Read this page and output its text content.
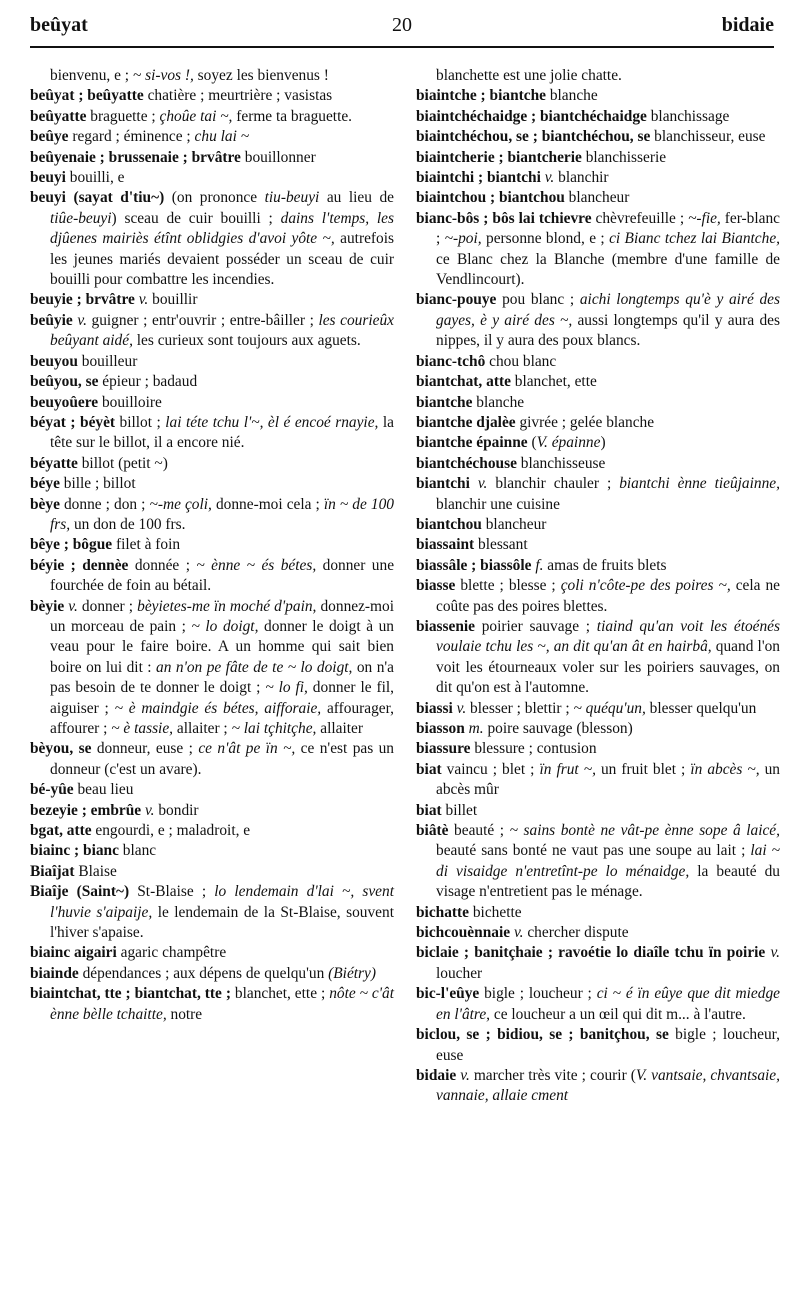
beûyat	20	bidaie

bienvenu, e ; ~ si-vos !, soyez les bienvenus !

beûyat ; beûyatte chatière ; meurtrière ; vasistas

beûyatte braguette ; çhoûe tai ~, ferme ta braguette.

beûye regard ; éminence ; chu lai ~

beûyenaie ; brussenaie ; brvâtre bouillonner

beuyi bouilli, e

beuyi (sayat d'tiu~) (on prononce tiu-beuyi au lieu de tiûe-beuyi) sceau de cuir bouilli ; dains l'temps, les djûenes mairiès étînt oblidgies d'avoi yôte ~, autrefois les jeunes mariés devaient posséder un sceau de cuir bouilli pour combattre les incendies.

beuyie ; brvâtre v. bouillir

beûyie v. guigner ; entr'ouvrir ; entre-bâiller ; les courieûx beûyant aidé, les curieux sont toujours aux aguets.

beuyou bouilleur

beûyou, se épieur ; badaud

beuyoûere bouilloire

béyat ; béyèt billot ; lai téte tchu l'~, èl é encoé rnayie, la tête sur le billot, il a encore nié.

béyatte billot (petit ~)

béye bille ; billot

bèye donne ; don ; ~-me çoli, donne-moi cela ; ïn ~ de 100 frs, un don de 100 frs.

bêye ; bôgue filet à foin

béyie ; dennèe donnée ; ~ ènne ~ és bétes, donner une fourchée de foin au bétail.

bèyie v. donner ; bèyietes-me ïn moché d'pain, donnez-moi un morceau de pain ; ~ lo doigt, donner le doigt à un veau pour le faire boire. A un homme qui sait bien boire on lui dit : an n'on pe fâte de te ~ lo doigt, on n'a pas besoin de te donner le doigt ; ~ lo fi, donner le fil, aiguiser ; ~ è maindgie és bétes, aifforaie, affourager, affourer ; ~ è tassie, allaiter ; ~ lai tçhitçhe, allaiter

bèyou, se donneur, euse ; ce n'ât pe ïn ~, ce n'est pas un donneur (c'est un avare).

bé-yûe beau lieu

bezeyie ; embrûe v. bondir

bgat, atte engourdi, e ; maladroit, e

biainc ; bianc blanc

Biaîjat Blaise

Biaîje (Saint~) St-Blaise ; lo lendemain d'lai ~, svent l'huvie s'aipaije, le lendemain de la St-Blaise, souvent l'hiver s'apaise.

biainc aigairi agaric champêtre

biainde dépendances ; aux dépens de quelqu'un (Biétry)

biaintchat, tte ; biantchat, tte ; blanchet, ette ; nôte ~ c'ât ènne bèlle tchaitte, notre

blanchette est une jolie chatte.

biaintche ; biantche blanche

biaintchéchaidge ; biantchéchaidge blanchissage

biaintchéchou, se ; biantchéchou, se blanchisseur, euse

biaintcherie ; biantcherie blanchisserie

biaintchi ; biantchi v. blanchir

biaintchou ; biantchou blancheur

bianc-bôs ; bôs lai tchievre chèvrefeuille ; ~-fie, fer-blanc ; ~-poi, personne blond, e ; ci Bianc tchez lai Biantche, ce Blanc chez la Blanche (membre d'une famille de Vendlincourt).

bianc-pouye pou blanc ; aichi longtemps qu'è y airé des gayes, è y airé des ~, aussi longtemps qu'il y aura des nippes, il y aura des poux blancs.

bianc-tchô chou blanc

biantchat, atte blanchet, ette

biantche blanche

biantche djalèe givrée ; gelée blanche

biantche épainne (V. épainne)

biantchéchouse blanchisseuse

biantchi v. blanchir chauler ; biantchi ènne tieûjainne, blanchir une cuisine

biantchou blancheur

biassaint blessant

biassâle ; biassôle f. amas de fruits blets

biasse blette ; blesse ; çoli n'côte-pe des poires ~, cela ne coûte pas des poires blettes.

biassenie poirier sauvage ; tiaind qu'an voit les étoénés voulaie tchu les ~, an dit qu'an ât en hairbâ, quand l'on voit les étourneaux voler sur les poiriers sauvages, on dit qu'on est à l'automne.

biassi v. blesser ; blettir ; ~ quéqu'un, blesser quelqu'un

biasson m. poire sauvage (blesson)

biassure blessure ; contusion

biat vaincu ; blet ; ïn frut ~, un fruit blet ; ïn abcès ~, un abcès mûr

biat billet

biâtè beauté ; ~ sains bontè ne vât-pe ènne sope â laicé, beauté sans bonté ne vaut pas une soupe au lait ; lai ~ di visaidge n'entretînt-pe lo ménaidge, la beauté du visage n'entretient pas le ménage.

bichatte bichette

bichcouènnaie v. chercher dispute

biclaie ; banitçhaie ; ravoétie lo diaîle tchu ïn poirie v. loucher

bic-l'eûye bigle ; loucheur ; ci ~ é ïn eûye que dit miedge en l'âtre, ce loucheur a un œil qui dit m... à l'autre.

biclou, se ; bidiou, se ; banitçhou, se bigle ; loucheur, euse

bidaie v. marcher très vite ; courir (V. vantsaie, chvantsaie, vannaie, allaie cment
